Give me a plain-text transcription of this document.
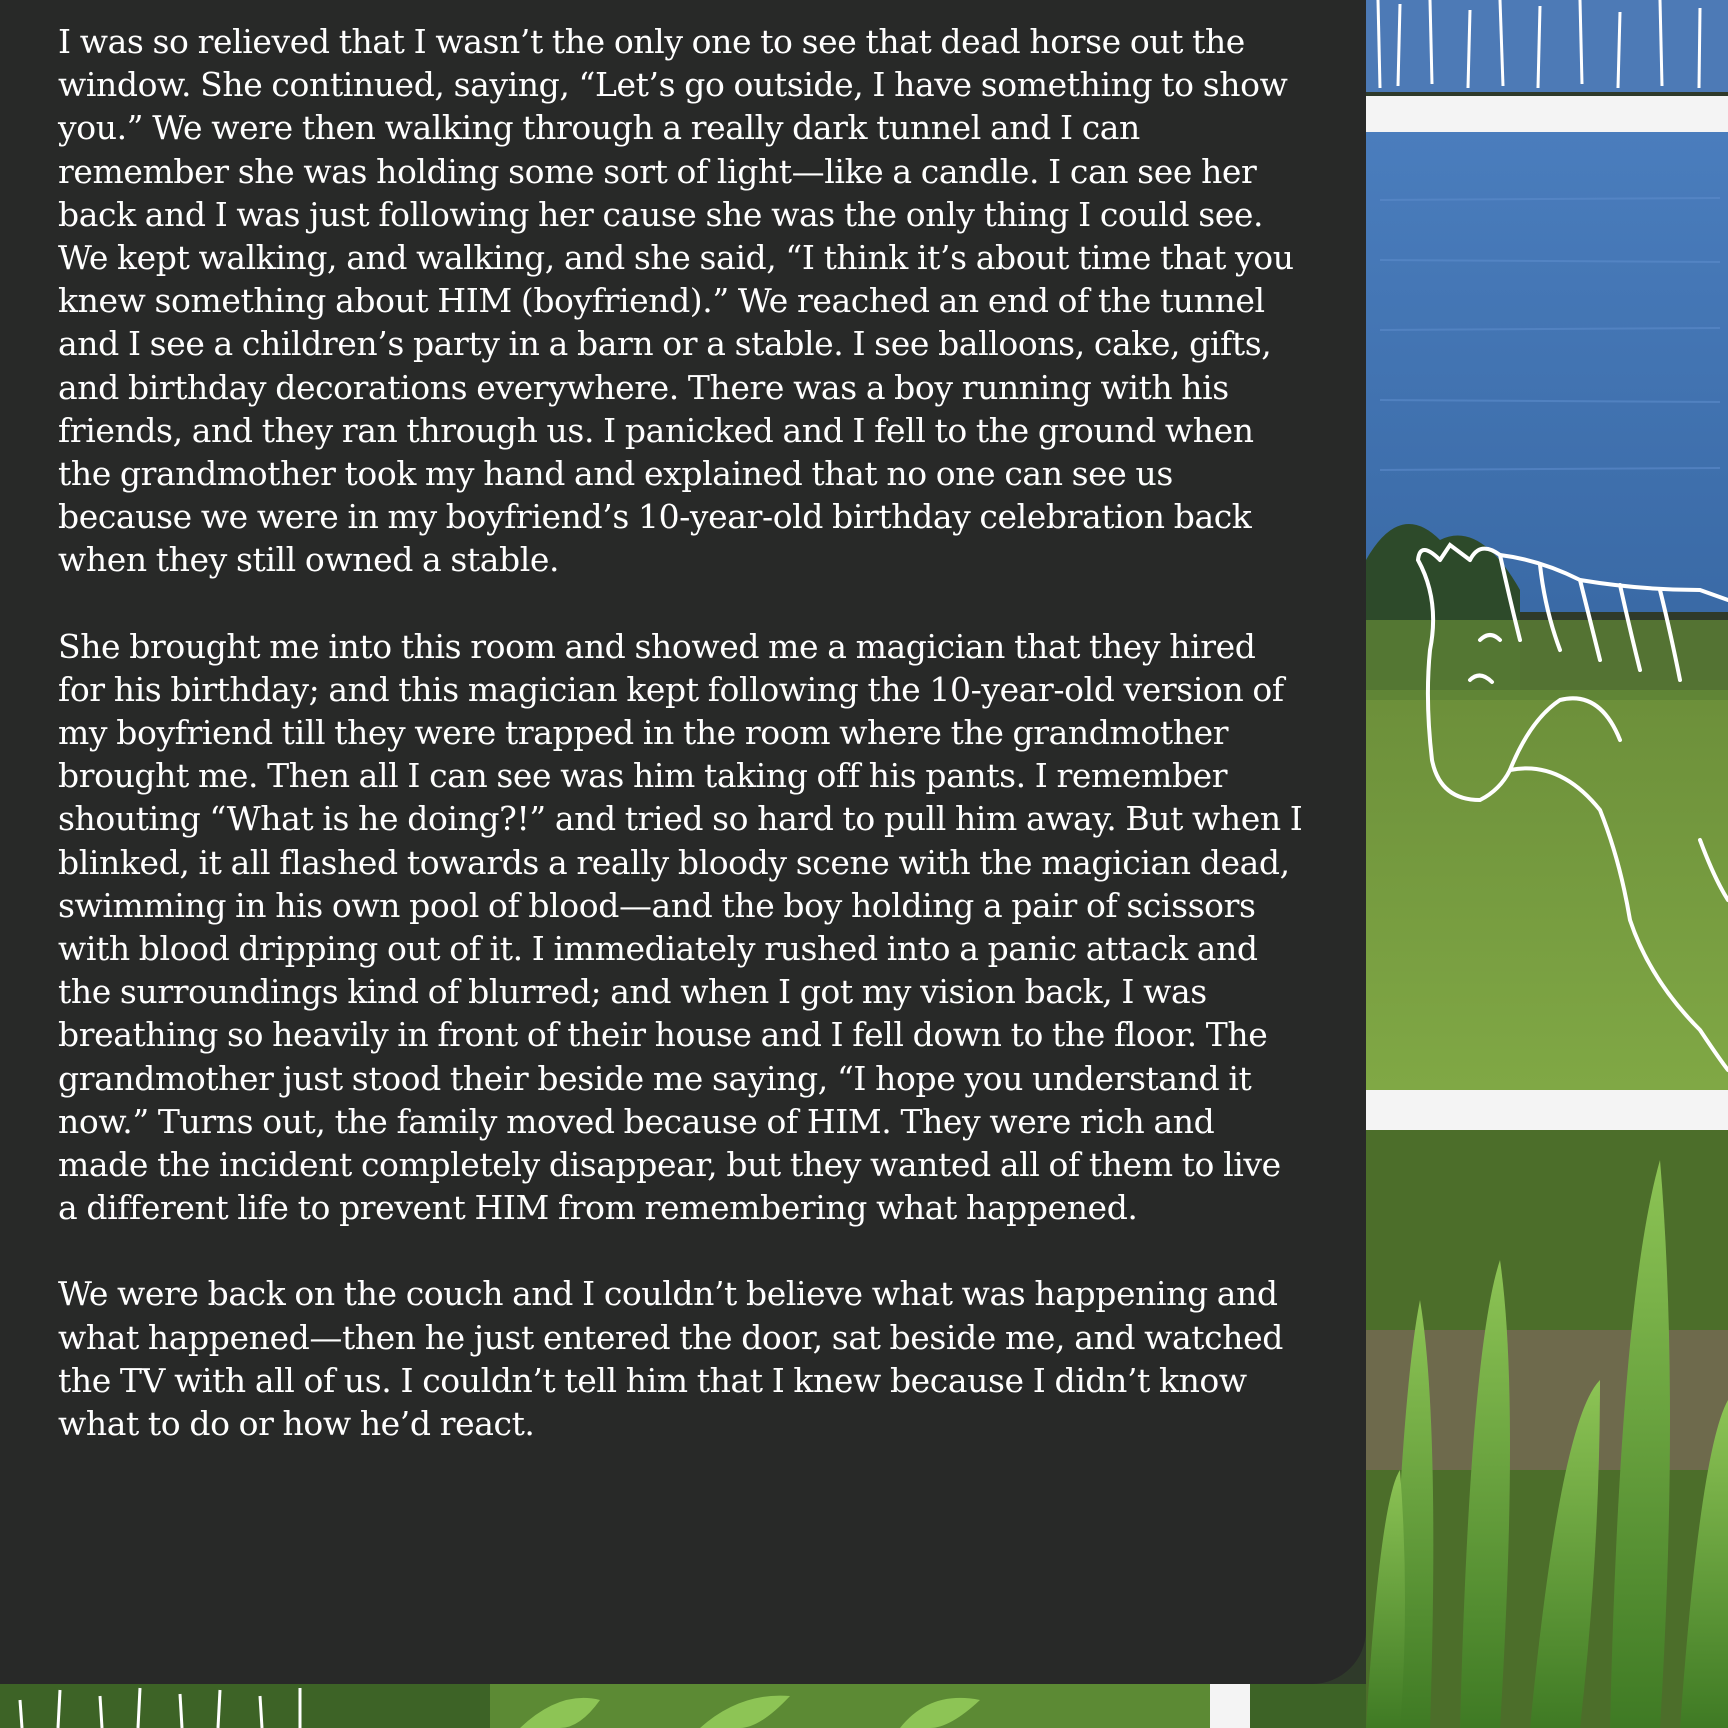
I was so relieved that I wasn’t the only one to see that dead horse out the window. She continued, saying, “Let’s go outside, I have something to show you.” We were then walking through a really dark tunnel and I can remember she was holding some sort of light—like a candle. I can see her back and I was just following her cause she was the only thing I could see. We kept walking, and walking, and she said, “I think it’s about time that you knew something about HIM (boyfriend).” We reached an end of the tunnel and I see a children’s party in a barn or a stable. I see balloons, cake, gifts, and birthday decorations everywhere. There was a boy running with his friends, and they ran through us. I panicked and I fell to the ground when the grandmother took my hand and explained that no one can see us because we were in my boyfriend’s 10-year-old birthday celebration back when they still owned a stable.

She brought me into this room and showed me a magician that they hired for his birthday; and this magician kept following the 10-year-old version of my boyfriend till they were trapped in the room where the grandmother brought me. Then all I can see was him taking off his pants. I remember shouting “What is he doing?!” and tried so hard to pull him away. But when I blinked, it all flashed towards a really bloody scene with the magician dead, swimming in his own pool of blood—and the boy holding a pair of scissors with blood dripping out of it. I immediately rushed into a panic attack and the surroundings kind of blurred; and when I got my vision back, I was breathing so heavily in front of their house and I fell down to the floor. The grandmother just stood their beside me saying, “I hope you understand it now.” Turns out, the family moved because of HIM. They were rich and made the incident completely disappear, but they wanted all of them to live a different life to prevent HIM from remembering what happened.

We were back on the couch and I couldn’t believe what was happening and what happened—then he just entered the door, sat beside me, and watched the TV with all of us. I couldn’t tell him that I knew because I didn’t know what to do or how he’d react.
